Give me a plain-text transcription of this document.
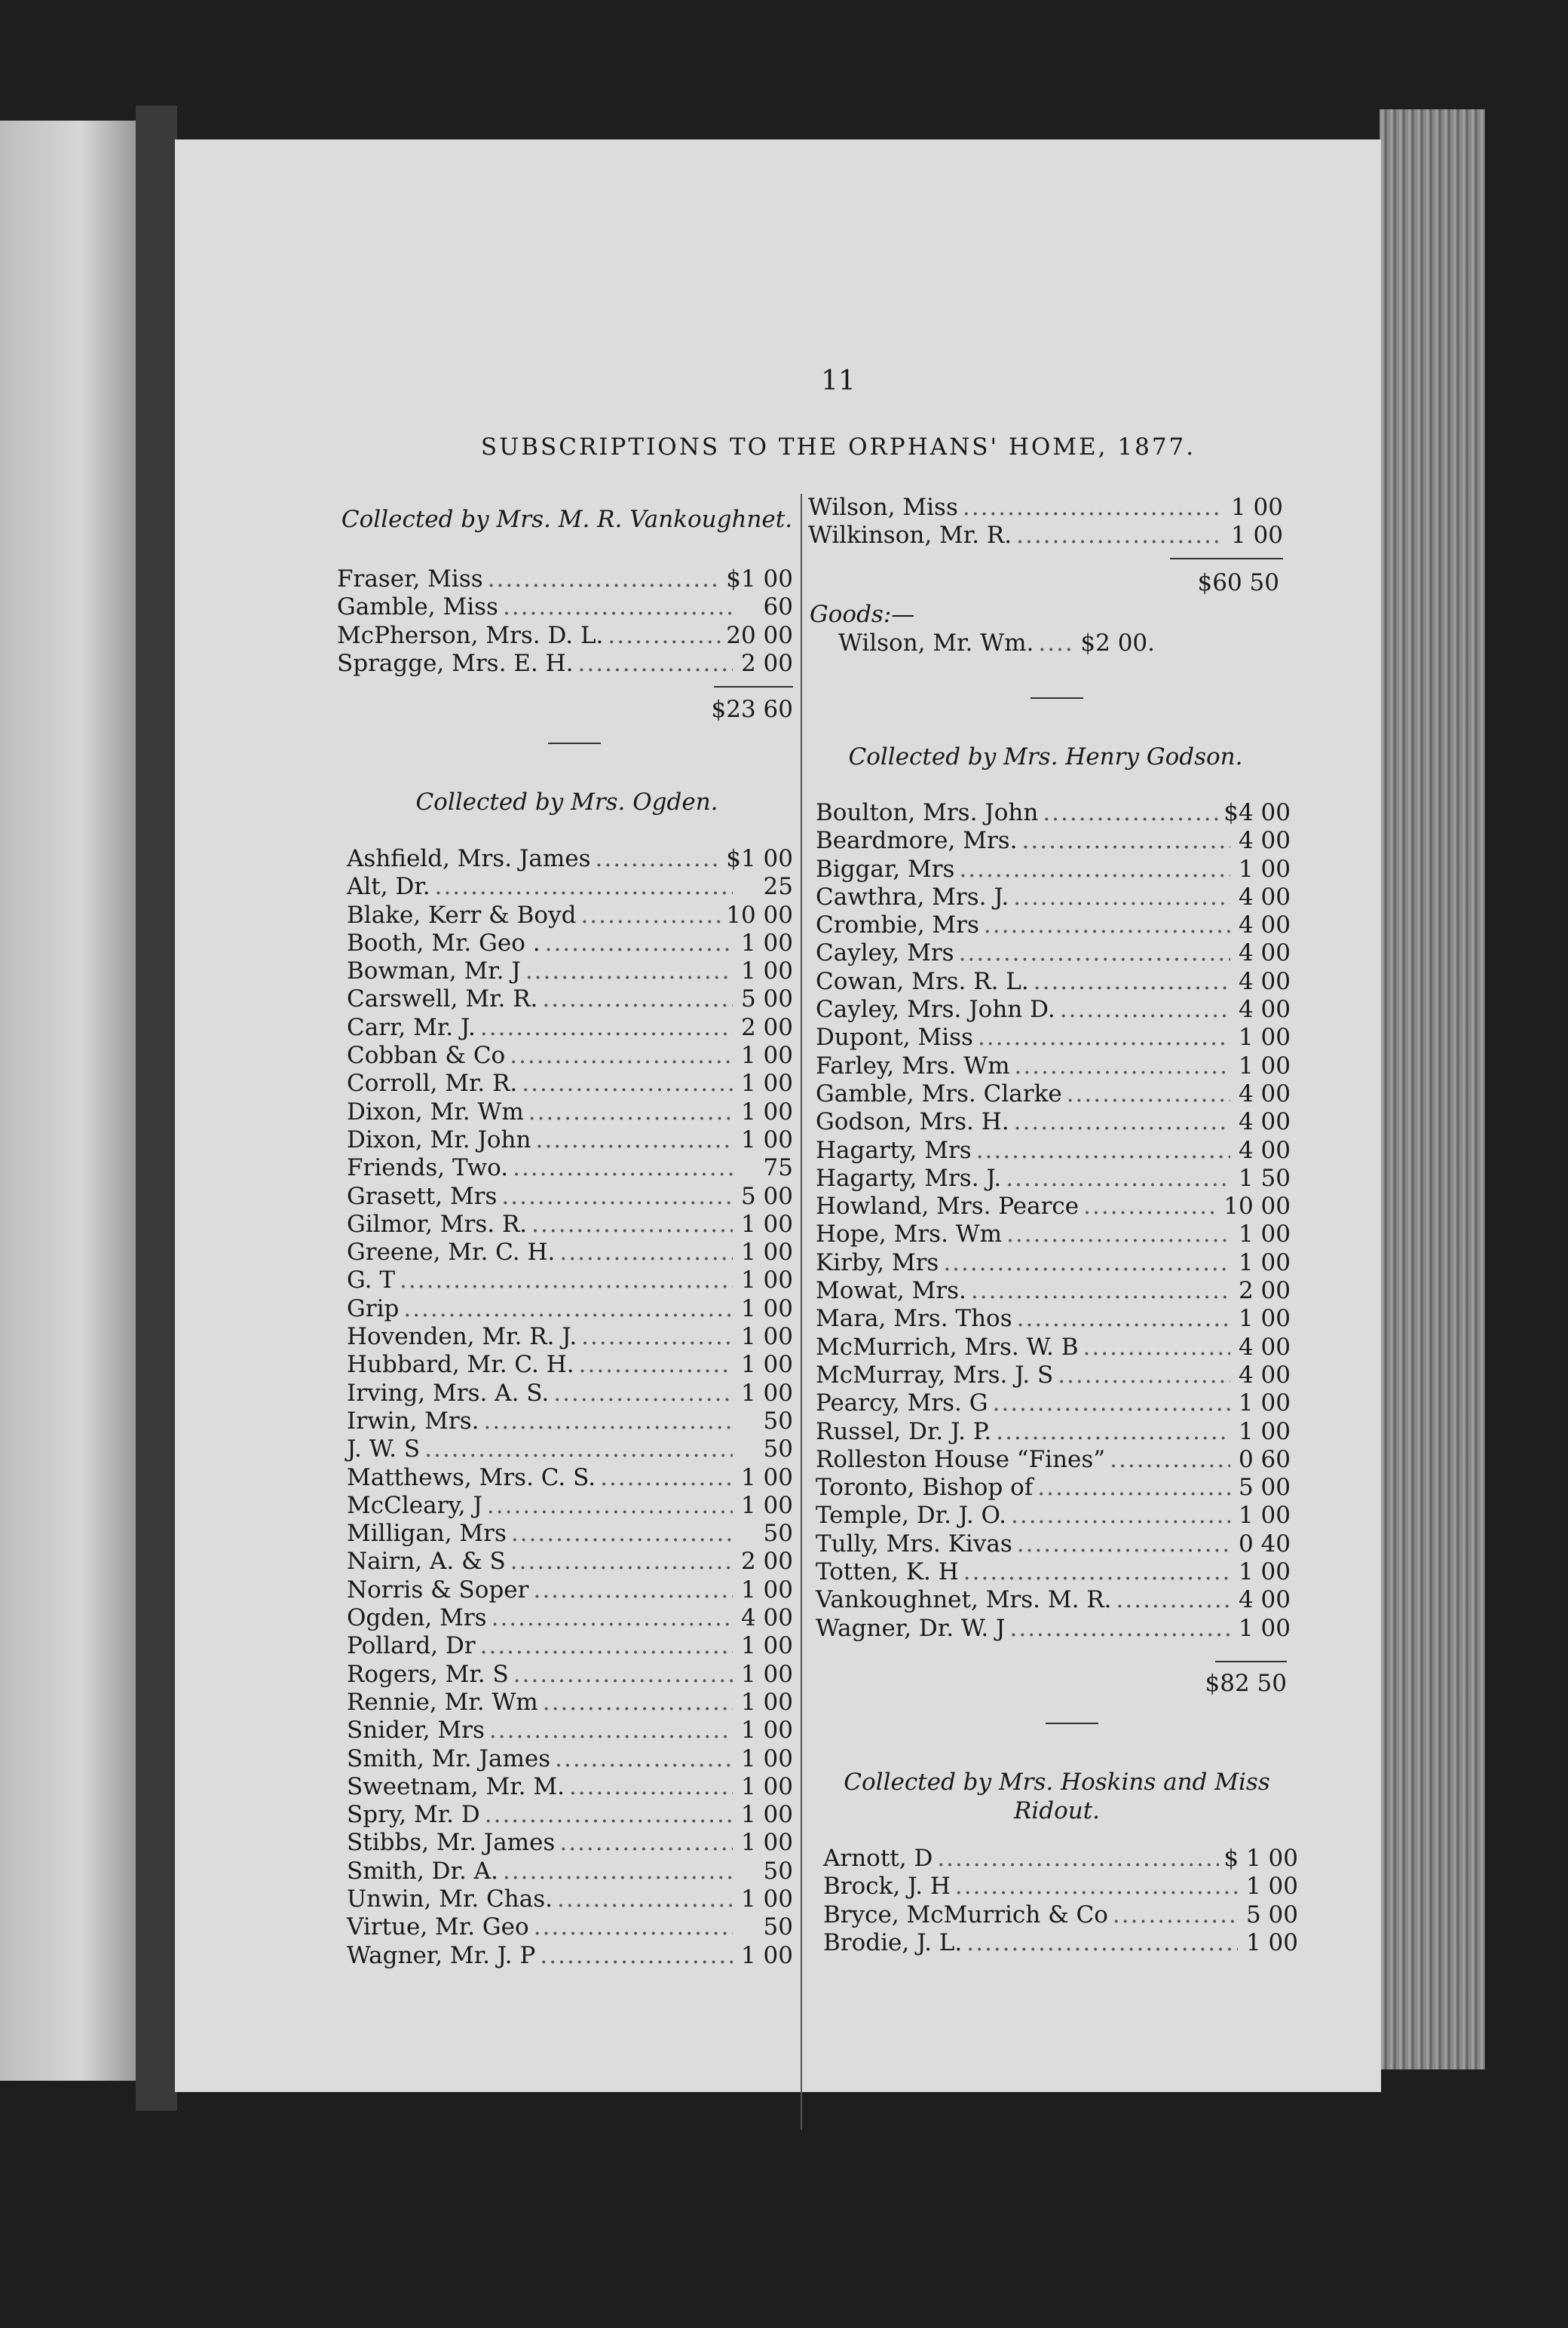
11
SUBSCRIPTIONS TO THE ORPHANS' HOME, 1877.
Collected by Mrs. M. R. Vankoughnet.
Fraser, Miss .....	$1 00
Gamble, Miss .....	60
McPherson, Mrs. D. L. .....	20 00
Spragge, Mrs. E. H. .....	2 00
$23 60
Collected by Mrs. Ogden.
Ashfield, Mrs. James .....	$1 00
Alt, Dr. .....	25
Blake, Kerr & Boyd .....	10 00
Booth, Mr. Geo . .....	1 00
Bowman, Mr. J .....	1 00
Carswell, Mr. R. .....	5 00
Carr, Mr. J. .....	2 00
Cobban & Co .....	1 00
Corroll, Mr. R. .....	1 00
Dixon, Mr. Wm .....	1 00
Dixon, Mr. John .....	1 00
Friends, Two. .....	75
Grasett, Mrs .....	5 00
Gilmor, Mrs. R. .....	1 00
Greene, Mr. C. H. .....	1 00
G. T .....	1 00
Grip .....	1 00
Hovenden, Mr. R. J. .....	1 00
Hubbard, Mr. C. H. .....	1 00
Irving, Mrs. A. S. .....	1 00
Irwin, Mrs. .....	50
J. W. S .....	50
Matthews, Mrs. C. S. .....	1 00
McCleary, J .....	1 00
Milligan, Mrs .....	50
Nairn, A. & S .....	2 00
Norris & Soper .....	1 00
Ogden, Mrs .....	4 00
Pollard, Dr .....	1 00
Rogers, Mr. S .....	1 00
Rennie, Mr. Wm .....	1 00
Snider, Mrs .....	1 00
Smith, Mr. James .....	1 00
Sweetnam, Mr. M. .....	1 00
Spry, Mr. D .....	1 00
Stibbs, Mr. James .....	1 00
Smith, Dr. A. .....	50
Unwin, Mr. Chas. .....	1 00
Virtue, Mr. Geo .....	50
Wagner, Mr. J. P .....	1 00
Wilson, Miss .....	1 00
Wilkinson, Mr. R. .....	1 00
$60 50
Goods:—
Wilson, Mr. Wm. ..... $2 00.
Collected by Mrs. Henry Godson.
Boulton, Mrs. John .....	$4 00
Beardmore, Mrs. .....	4 00
Biggar, Mrs .....	1 00
Cawthra, Mrs. J. .....	4 00
Crombie, Mrs .....	4 00
Cayley, Mrs .....	4 00
Cowan, Mrs. R. L. .....	4 00
Cayley, Mrs. John D. .....	4 00
Dupont, Miss .....	1 00
Farley, Mrs. Wm .....	1 00
Gamble, Mrs. Clarke .....	4 00
Godson, Mrs. H. .....	4 00
Hagarty, Mrs .....	4 00
Hagarty, Mrs. J. .....	1 50
Howland, Mrs. Pearce .....	10 00
Hope, Mrs. Wm .....	1 00
Kirby, Mrs .....	1 00
Mowat, Mrs. .....	2 00
Mara, Mrs. Thos .....	1 00
McMurrich, Mrs. W. B .....	4 00
McMurray, Mrs. J. S .....	4 00
Pearcy, Mrs. G .....	1 00
Russel, Dr. J. P. .....	1 00
Rolleston House “Fines” .....	0 60
Toronto, Bishop of .....	5 00
Temple, Dr. J. O. .....	1 00
Tully, Mrs. Kivas .....	0 40
Totten, K. H .....	1 00
Vankoughnet, Mrs. M. R. .....	4 00
Wagner, Dr. W. J .....	1 00
$82 50
Collected by Mrs. Hoskins and Miss
Ridout.
Arnott, D .....	$ 1 00
Brock, J. H .....	1 00
Bryce, McMurrich & Co .....	5 00
Brodie, J. L. .....	1 00
